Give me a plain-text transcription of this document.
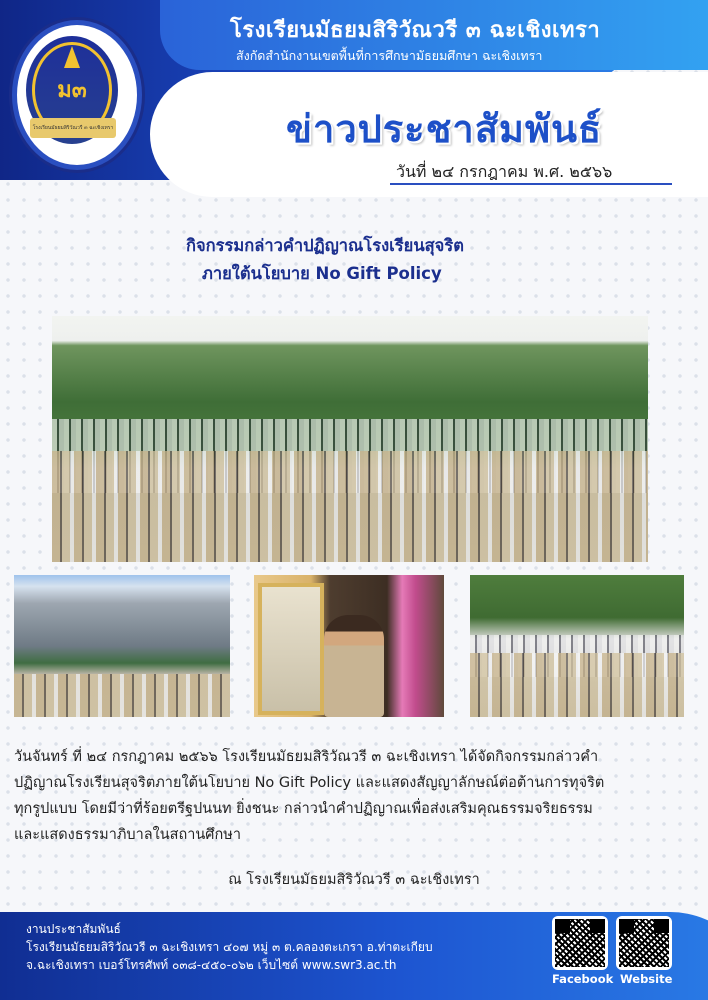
ม๓
โรงเรียนมัธยมสิริวัณวรี ๓ ฉะเชิงเทรา
โรงเรียนมัธยมสิริวัณวรี ๓ ฉะเชิงเทรา
สังกัดสำนักงานเขตพื้นที่การศึกษามัธยมศึกษา ฉะเชิงเทรา
ข่าวประชาสัมพันธ์
วันที่ ๒๔ กรกฎาคม พ.ศ. ๒๕๖๖
กิจกรรมกล่าวคำปฏิญาณโรงเรียนสุจริต
ภายใต้นโยบาย No Gift Policy

วันจันทร์ ที่ ๒๔ กรกฎาคม ๒๕๖๖ โรงเรียนมัธยมสิริวัณวรี ๓ ฉะเชิงเทรา ได้จัดกิจกรรมกล่าวคำ

ปฏิญาณโรงเรียนสุจริตภายใต้นโยบาย No Gift Policy และแสดงสัญญาลักษณ์ต่อต้านการทุจริต

ทุกรูปแบบ โดยมีว่าที่ร้อยตรีฐปนนท ยิ่งชนะ กล่าวนำคำปฏิญาณเพื่อส่งเสริมคุณธรรมจริยธรรม

และแสดงธรรมาภิบาลในสถานศึกษา

ณ โรงเรียนมัธยมสิริวัณวรี ๓ ฉะเชิงเทรา
งานประชาสัมพันธ์
โรงเรียนมัธยมสิริวัณวรี ๓ ฉะเชิงเทรา ๔๐๗ หมู่ ๓ ต.คลองตะเกรา อ.ท่าตะเกียบ
จ.ฉะเชิงเทรา เบอร์โทรศัพท์ ๐๓๘-๔๕๐-๐๖๒ เว็บไซต์ www.swr3.ac.th
Facebook Website
